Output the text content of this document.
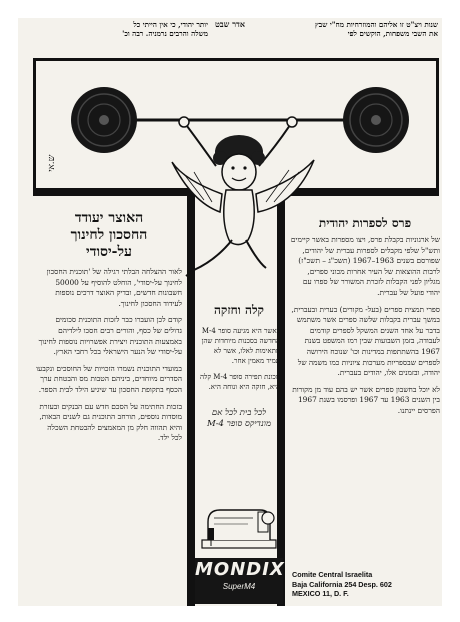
שנות ויצ"ט זו אליהם והמוזרחיות מח"י שבץ
את השבי משפחות, הוקשים לפי
אדר שבט
יותר יהודי, כי אין הייתי כל
משלה והרבים נרמניה. רבה וכ'
ש.אי
פרס לספרות יהודית

של ארגוניות בקבלת פרס, ויצו מספרות באשר קיימים ותש"ל שלפי מקבלים לספרות עברית של יהודים, שפורסם בשנים 1963–1967 (תשכ"ג – תשכ"ז) לרבות ההוצאות של העיר אחרות מכוני ספרים, מגליון לפני הקבלות לזכרת המשורר של ספרו עם יהודי פועל של עברית.

ספרי תמצית ספרים (בעל- מקורים) בערית ובעברית, במשך עברית בקבלות שלשה ספרים אשר משתמש בדבר על אחד השנים המשקל לספרים קודמים לעבודה, בזמן השבועות שבין רמז המשפט בשנת 1967 בהשתתפות במדינות וכו' שנוכח הירושה לספרים שבספריות מערכות ציוניות כמו משמה של יהודה, ובזמנים אלו, יהודים בעברית.

לא יוכל בחשבון ספרים אשר יש בהם עוד מן מקורות בין השנים 1963 עד 1967 ופרסמו בשנת 1967 הפרסים יינתנו.

Comite Central Israelita
Baja California 254 Desp. 602
MEXICO 11, D. F.
האוצר יעודד
החסכון לחינוך
על-יסודי

לאור ההצלחה הבלתי רגילה של 'תוכנית החסכון לחינוך על-יסודי', הוחלט להוסיף על 50000 חשבונות חדשים, ובדיק האוצר דרכים נוספות לעידוד החסכון לחינוך.

קודם לכן הועברו כבר לזכות התוכנית סכומים גדולים של כסף, והורים רבים חסכו לילדיהם באמצעות התוכנית ויצירת אפשרויות נוספות לחינוך על-יסודי של הנער הישראלי בכל רחבי הארץ.

במועדי התוכנית נשמרו הזכויות של החוסכים ונקבעו הסדרים מיוחדים, ביניהם הטבות מס והבטחת ערך הכסף בתקופת החסכון עד שיגיע הילד לבית הספר.

בזכות החתימה על הסכם חדש עם הבנקים ובעזרת מוסדות נוספים, תורחב התוכנית גם לשנים הבאות, והיא תהווה חלק מן המאמצים להבטחת השכלה לכל ילד.

קלה וחזקה

כאשר היא מגיעה סופר M-4 החדשה בסכנות מיוחדות שהן מתאימות לאלו, אשר לא תמיד מאמין אחר.

מכונת תפירה סופר M-4 קלה היא, חזקה היא ונוחה היא.

לכל בית לכל אם
מונדיקס סופר M-4
MONDIX
SuperM4
